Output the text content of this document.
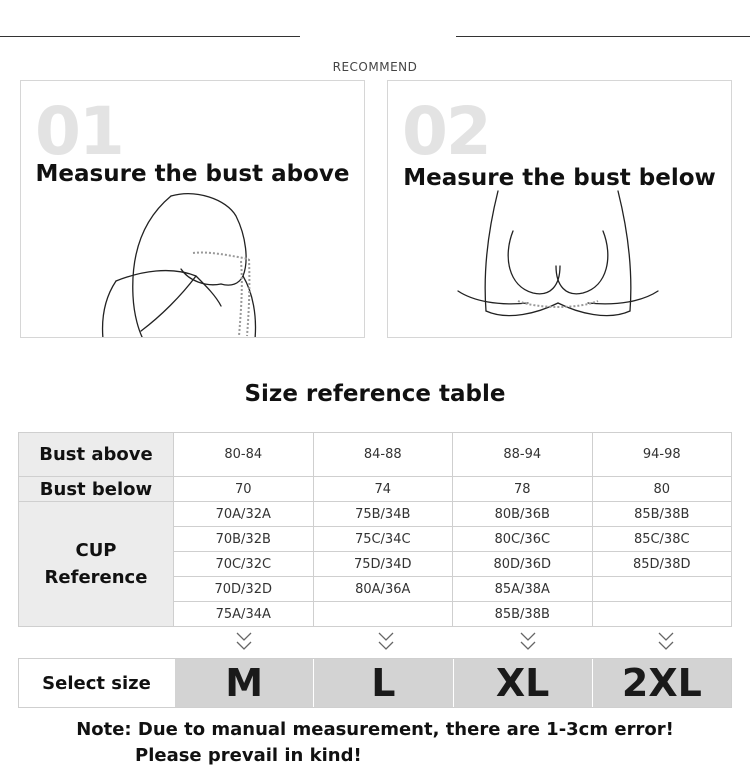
RECOMMEND
01
Measure the bust above
02
Measure the bust below
Size reference table
Bust above	80-84	84-88	88-94	94-98
Bust below	70	74	78	80

CUP
Reference	70A/32A	75B/34B	80B/36B	85B/38B
	70B/32B	75C/34C	80C/36C	85C/38C
	70C/32C	75D/34D	80D/36D	85D/38D
	70D/32D	80A/36A	85A/38A	
	75A/34A		85B/38B	
Select size	M	L	XL	2XL
Note: Due to manual measurement, there are 1-3cm error!
Please prevail in kind!
